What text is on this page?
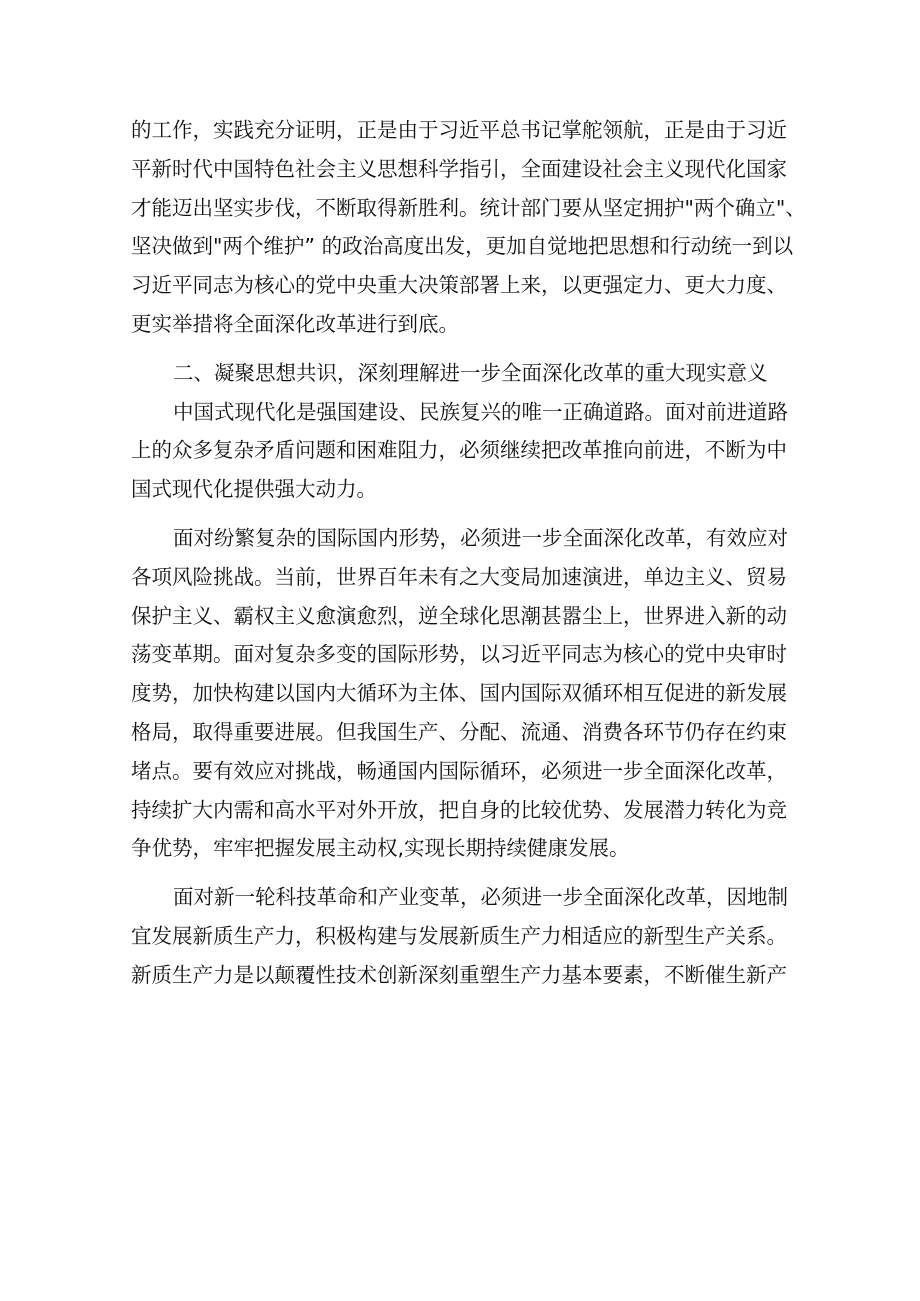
的工作，实践充分证明，正是由于习近平总书记掌舵领航，正是由于习近
平新时代中国特色社会主义思想科学指引，全面建设社会主义现代化国家
才能迈出坚实步伐，不断取得新胜利。统计部门要从坚定拥护"两个确立"、
坚决做到"两个维护” 的政治高度出发，更加自觉地把思想和行动统一到以
习近平同志为核心的党中央重大决策部署上来，以更强定力、更大力度、
更实举措将全面深化改革进行到底。
二、凝聚思想共识，深刻理解进一步全面深化改革的重大现实意义
中国式现代化是强国建设、民族复兴的唯一正确道路。面对前进道路
上的众多复杂矛盾问题和困难阻力，必须继续把改革推向前进，不断为中
国式现代化提供强大动力。
面对纷繁复杂的国际国内形势，必须进一步全面深化改革，有效应对
各项风险挑战。当前，世界百年未有之大变局加速演进，单边主义、贸易
保护主义、霸权主义愈演愈烈，逆全球化思潮甚嚣尘上，世界进入新的动
荡变革期。面对复杂多变的国际形势，以习近平同志为核心的党中央审时
度势，加快构建以国内大循环为主体、国内国际双循环相互促进的新发展
格局，取得重要进展。但我国生产、分配、流通、消费各环节仍存在约束
堵点。要有效应对挑战，畅通国内国际循环，必须进一步全面深化改革，
持续扩大内需和高水平对外开放，把自身的比较优势、发展潜力转化为竞
争优势，牢牢把握发展主动权,实现长期持续健康发展。
面对新一轮科技革命和产业变革，必须进一步全面深化改革，因地制
宜发展新质生产力，积极构建与发展新质生产力相适应的新型生产关系。
新质生产力是以颠覆性技术创新深刻重塑生产力基本要素，不断催生新产
